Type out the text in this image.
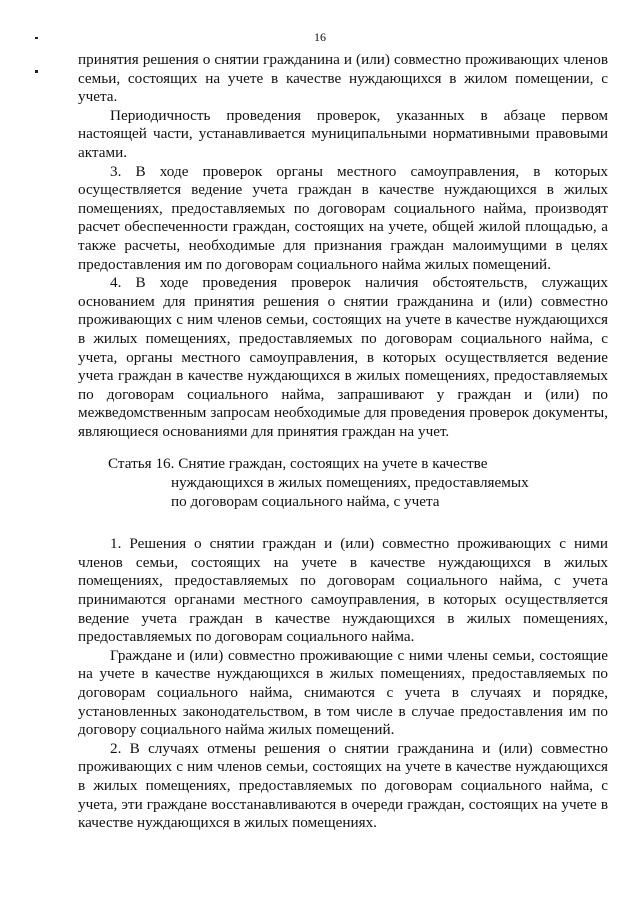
16

принятия решения о снятии гражданина и (или) совместно проживающих членов семьи, состоящих на учете в качестве нуждающихся в жилом помещении, с учета.

Периодичность проведения проверок, указанных в абзаце первом настоящей части, устанавливается муниципальными нормативными правовыми актами.

3. В ходе проверок органы местного самоуправления, в которых осуществляется ведение учета граждан в качестве нуждающихся в жилых помещениях, предоставляемых по договорам социального найма, производят расчет обеспеченности граждан, состоящих на учете, общей жилой площадью, а также расчеты, необходимые для признания граждан малоимущими в целях предоставления им по договорам социального найма жилых помещений.

4. В ходе проведения проверок наличия обстоятельств, служащих основанием для принятия решения о снятии гражданина и (или) совместно проживающих с ним членов семьи, состоящих на учете в качестве нуждающихся в жилых помещениях, предоставляемых по договорам социального найма, с учета, органы местного самоуправления, в которых осуществляется ведение учета граждан в качестве нуждающихся в жилых помещениях, предоставляемых по договорам социального найма, запрашивают у граждан и (или) по межведомственным запросам необходимые для проведения проверок документы, являющиеся основаниями для принятия граждан на учет.

Статья 16. Снятие граждан, состоящих на учете в качестве
нуждающихся в жилых помещениях, предоставляемых
по договорам социального найма, с учета

1. Решения о снятии граждан и (или) совместно проживающих с ними членов семьи, состоящих на учете в качестве нуждающихся в жилых помещениях, предоставляемых по договорам социального найма, с учета принимаются органами местного самоуправления, в которых осуществляется ведение учета граждан в качестве нуждающихся в жилых помещениях, предоставляемых по договорам социального найма.

Граждане и (или) совместно проживающие с ними члены семьи, состоящие на учете в качестве нуждающихся в жилых помещениях, предоставляемых по договорам социального найма, снимаются с учета в случаях и порядке, установленных законодательством, в том числе в случае предоставления им по договору социального найма жилых помещений.

2. В случаях отмены решения о снятии гражданина и (или) совместно проживающих с ним членов семьи, состоящих на учете в качестве нуждающихся в жилых помещениях, предоставляемых по договорам социального найма, с учета, эти граждане восстанавливаются в очереди граждан, состоящих на учете в качестве нуждающихся в жилых помещениях.
